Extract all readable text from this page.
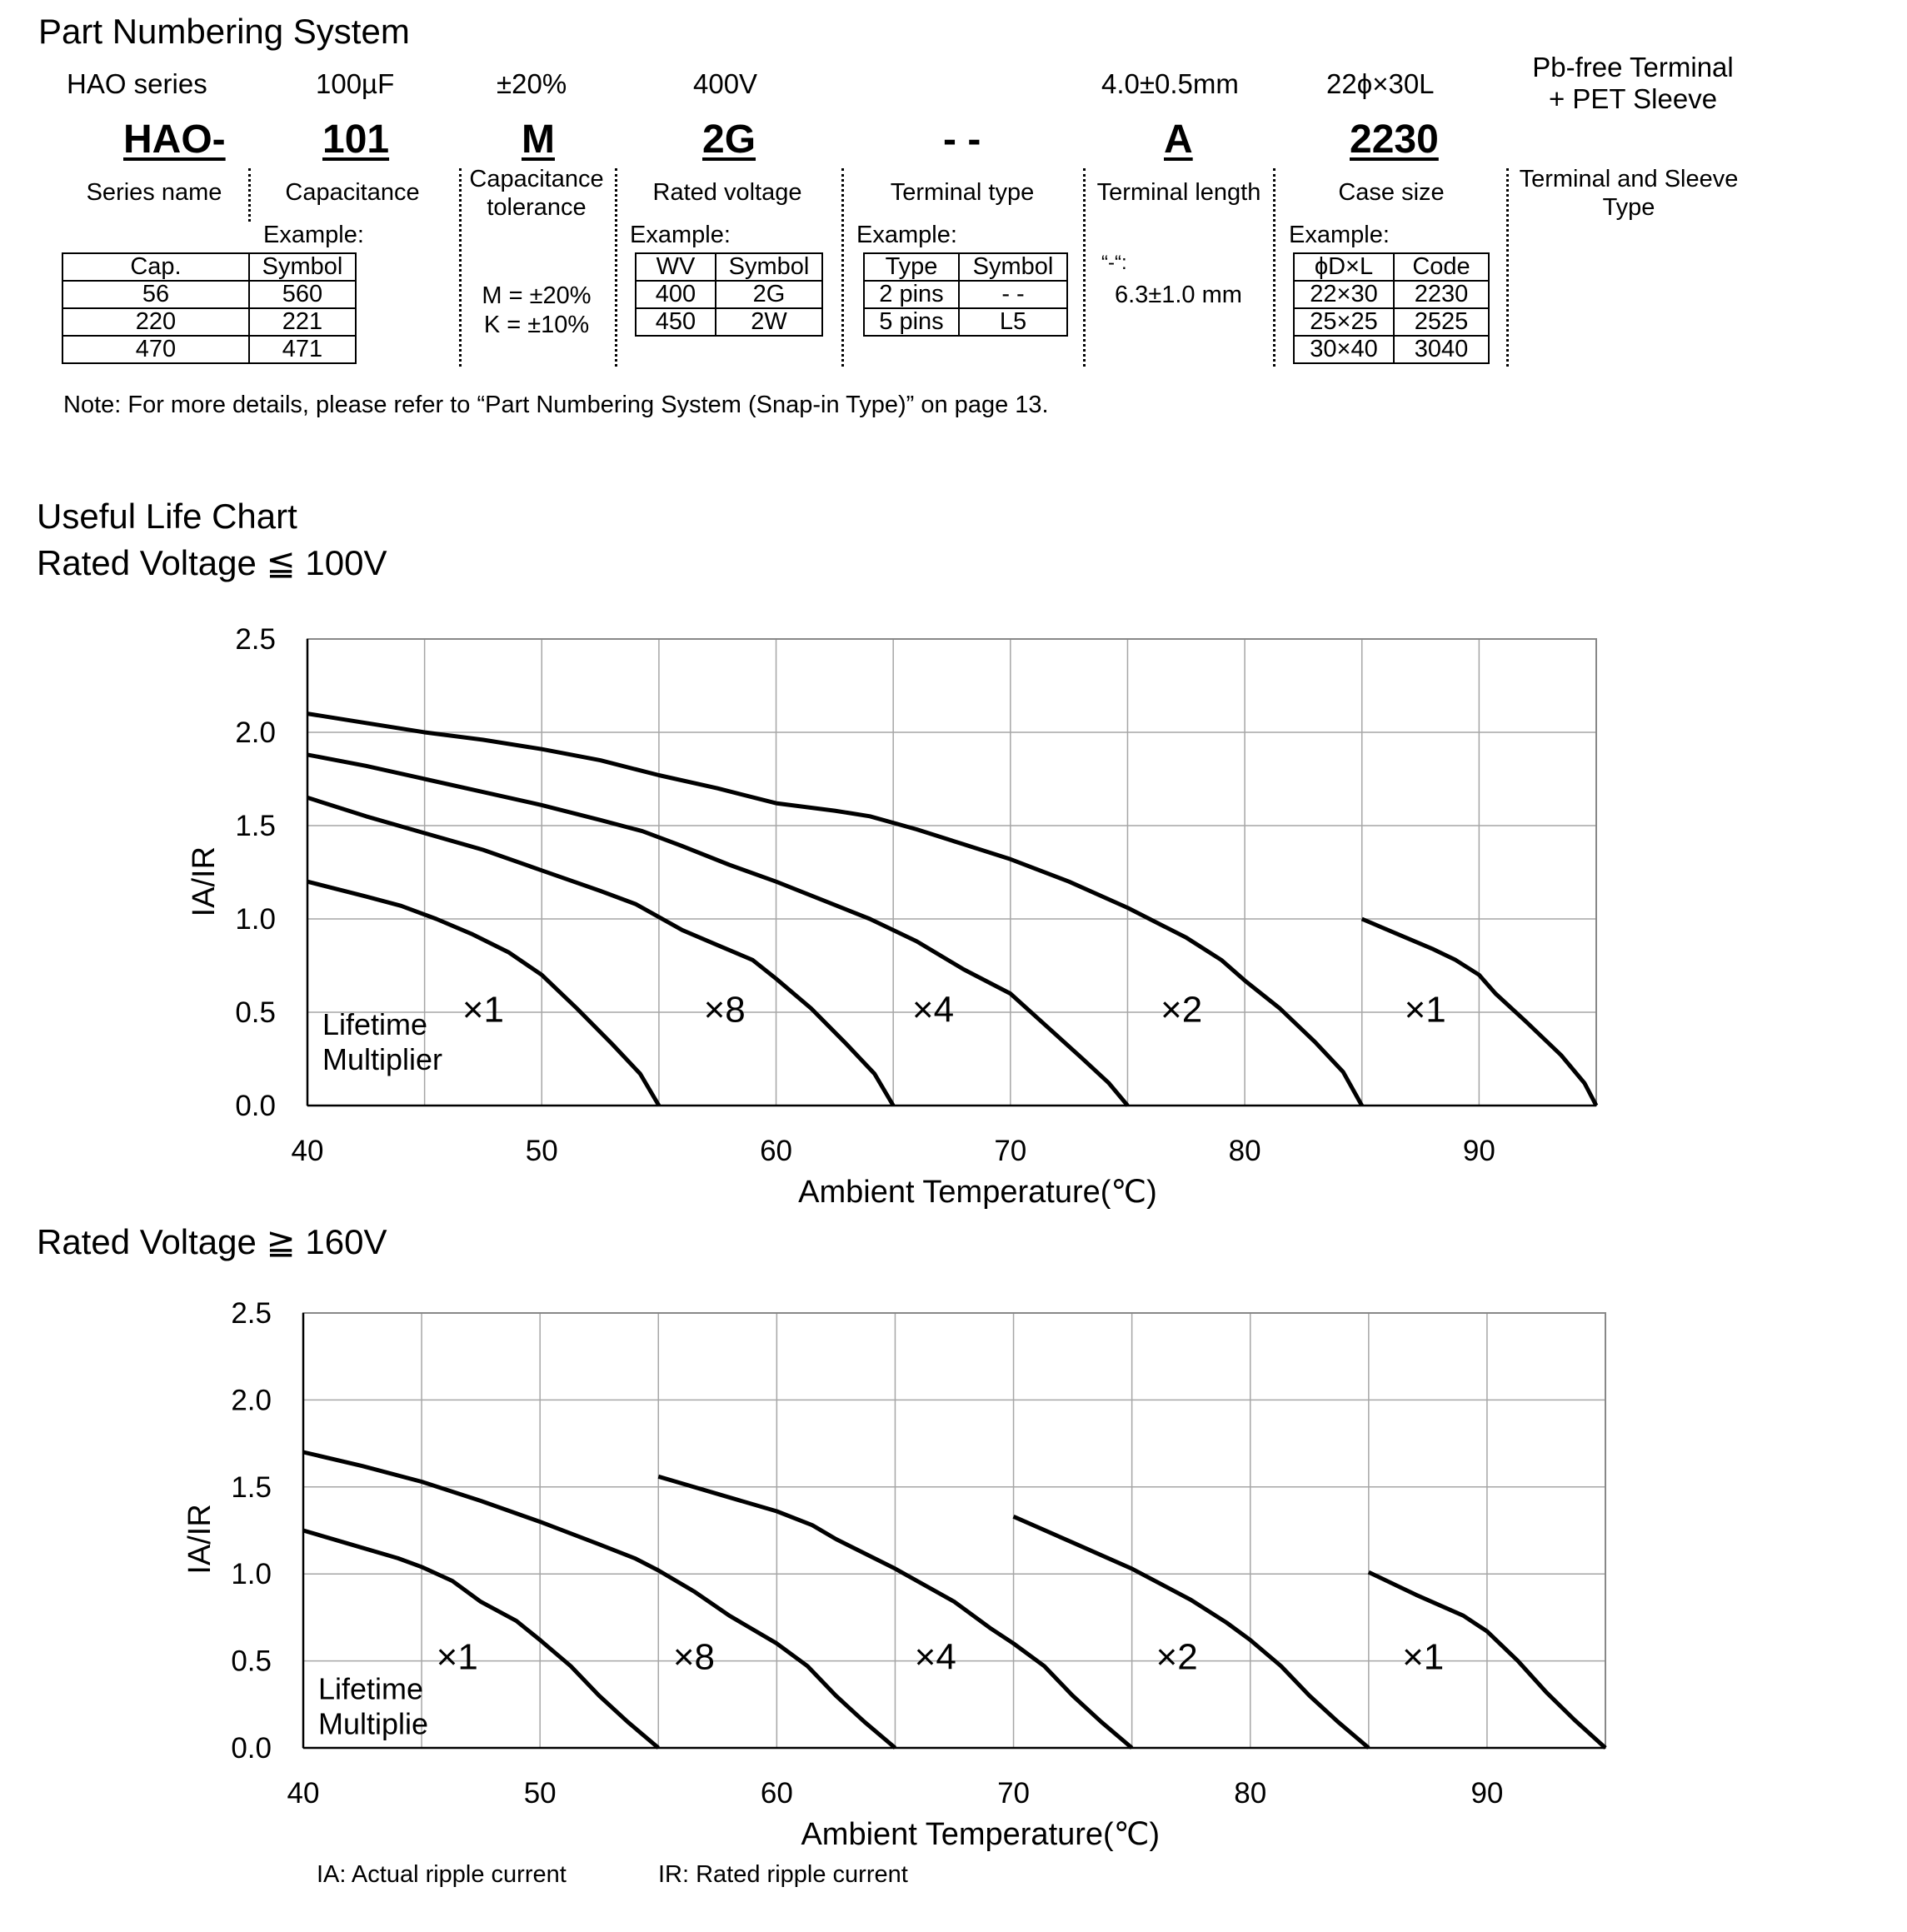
Part Numbering System
HAO series	100µF	±20%	400V	4.0±0.5mm	22ϕ×30L
Pb-free Terminal
+ PET Sleeve
HAO- 101	M	2G	- -	A	2230
Series name	Capacitance	Capacitance tolerance
Rated voltage	Terminal type	Terminal length	Case size	Terminal and Sleeve Type
Example:	Example:	Example:	Example:
Cap.	Symbol
56	560
220	221
470	471
M = ±20%
K = ±10%
WV	Symbol
400	2G
450	2W
Type	Symbol
2 pins	- -
5 pins	L5
“-“:
6.3±1.0 mm
ϕD×L	Code
22×30	2230
25×25	2525
30×40	3040
Note: For more details, please refer to “Part Numbering System (Snap-in Type)” on page 13.
Useful Life Chart
Rated Voltage ≦ 100V
Rated Voltage ≧ 160V
0.0
0.5
1.0
1.5
2.0
2.5
40	50	60	70	80	90
Ambient Temperature(℃)
IA/IR
×1	×8	×4	×2	×1
Lifetime
Multiplier
0.0
0.5
1.0
1.5
2.0
2.5
40	50	60	70	80	90
Ambient Temperature(℃)
IA/IR
×1	×8	×4	×2	×1
Lifetime
Multiplie
IA: Actual ripple current	IR: Rated ripple current
